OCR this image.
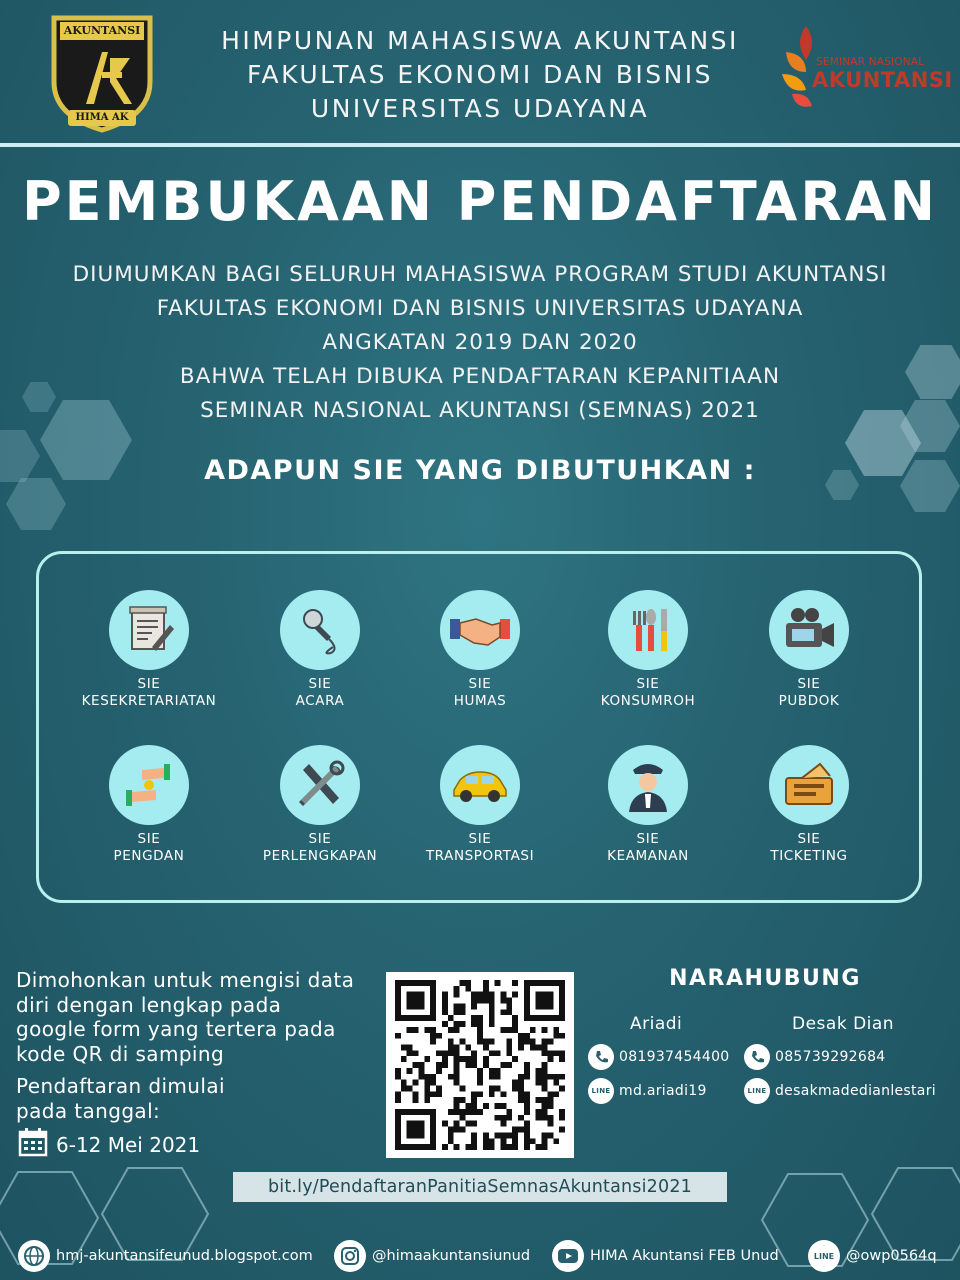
AKUNTANSI
HIMA AK
HIMPUNAN MAHASISWA AKUNTANSI
FAKULTAS EKONOMI DAN BISNIS
UNIVERSITAS UDAYANA
SEMINAR NASIONAL
AKUNTANSI
PEMBUKAAN PENDAFTARAN
DIUMUMKAN BAGI SELURUH MAHASISWA PROGRAM STUDI AKUNTANSI
FAKULTAS EKONOMI DAN BISNIS UNIVERSITAS UDAYANA
ANGKATAN 2019 DAN 2020
BAHWA TELAH DIBUKA PENDAFTARAN KEPANITIAAN
SEMINAR NASIONAL AKUNTANSI (SEMNAS) 2021
ADAPUN SIE YANG DIBUTUHKAN :
SIE
KESEKRETARIATAN
SIE
ACARA
SIE
HUMAS
SIE
KONSUMROH
SIE
PUBDOK
SIE
PENGDAN
SIE
PERLENGKAPAN
SIE
TRANSPORTASI
SIE
KEAMANAN
SIE
TICKETING
Dimohonkan untuk mengisi data
diri dengan lengkap pada
google form yang tertera pada
kode QR di samping
Pendaftaran dimulai
pada tanggal:
6-12 Mei 2021
NARAHUBUNG
Ariadi	Desak Dian
081937454400
LINE md.ariadi19
085739292684
LINE desakmadedianlestari
bit.ly/PendaftaranPanitiaSemnasAkuntansi2021
hmj-akuntansifeunud.blogspot.com	@himaakuntansiunud	HIMA Akuntansi FEB Unud	LINE @owp0564q
